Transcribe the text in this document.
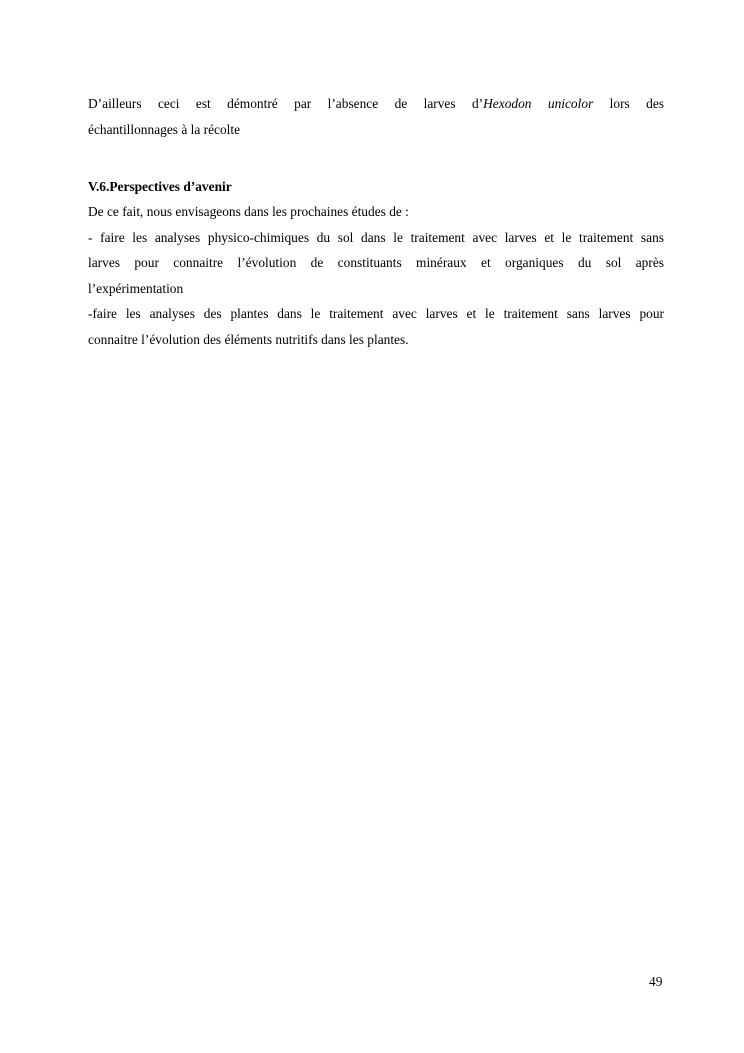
D’ailleurs ceci est démontré par l’absence de larves d’Hexodon unicolor lors des
échantillonnages à la récolte
V.6.Perspectives d’avenir
De ce fait, nous envisageons dans les prochaines études de :
- faire les analyses physico-chimiques du sol dans le traitement avec larves et le traitement sans
larves pour connaitre l’évolution de constituants minéraux et organiques du sol après
l’expérimentation
-faire les analyses des plantes dans le traitement avec larves et le traitement sans larves pour
connaitre l’évolution des éléments nutritifs dans les plantes.
49
